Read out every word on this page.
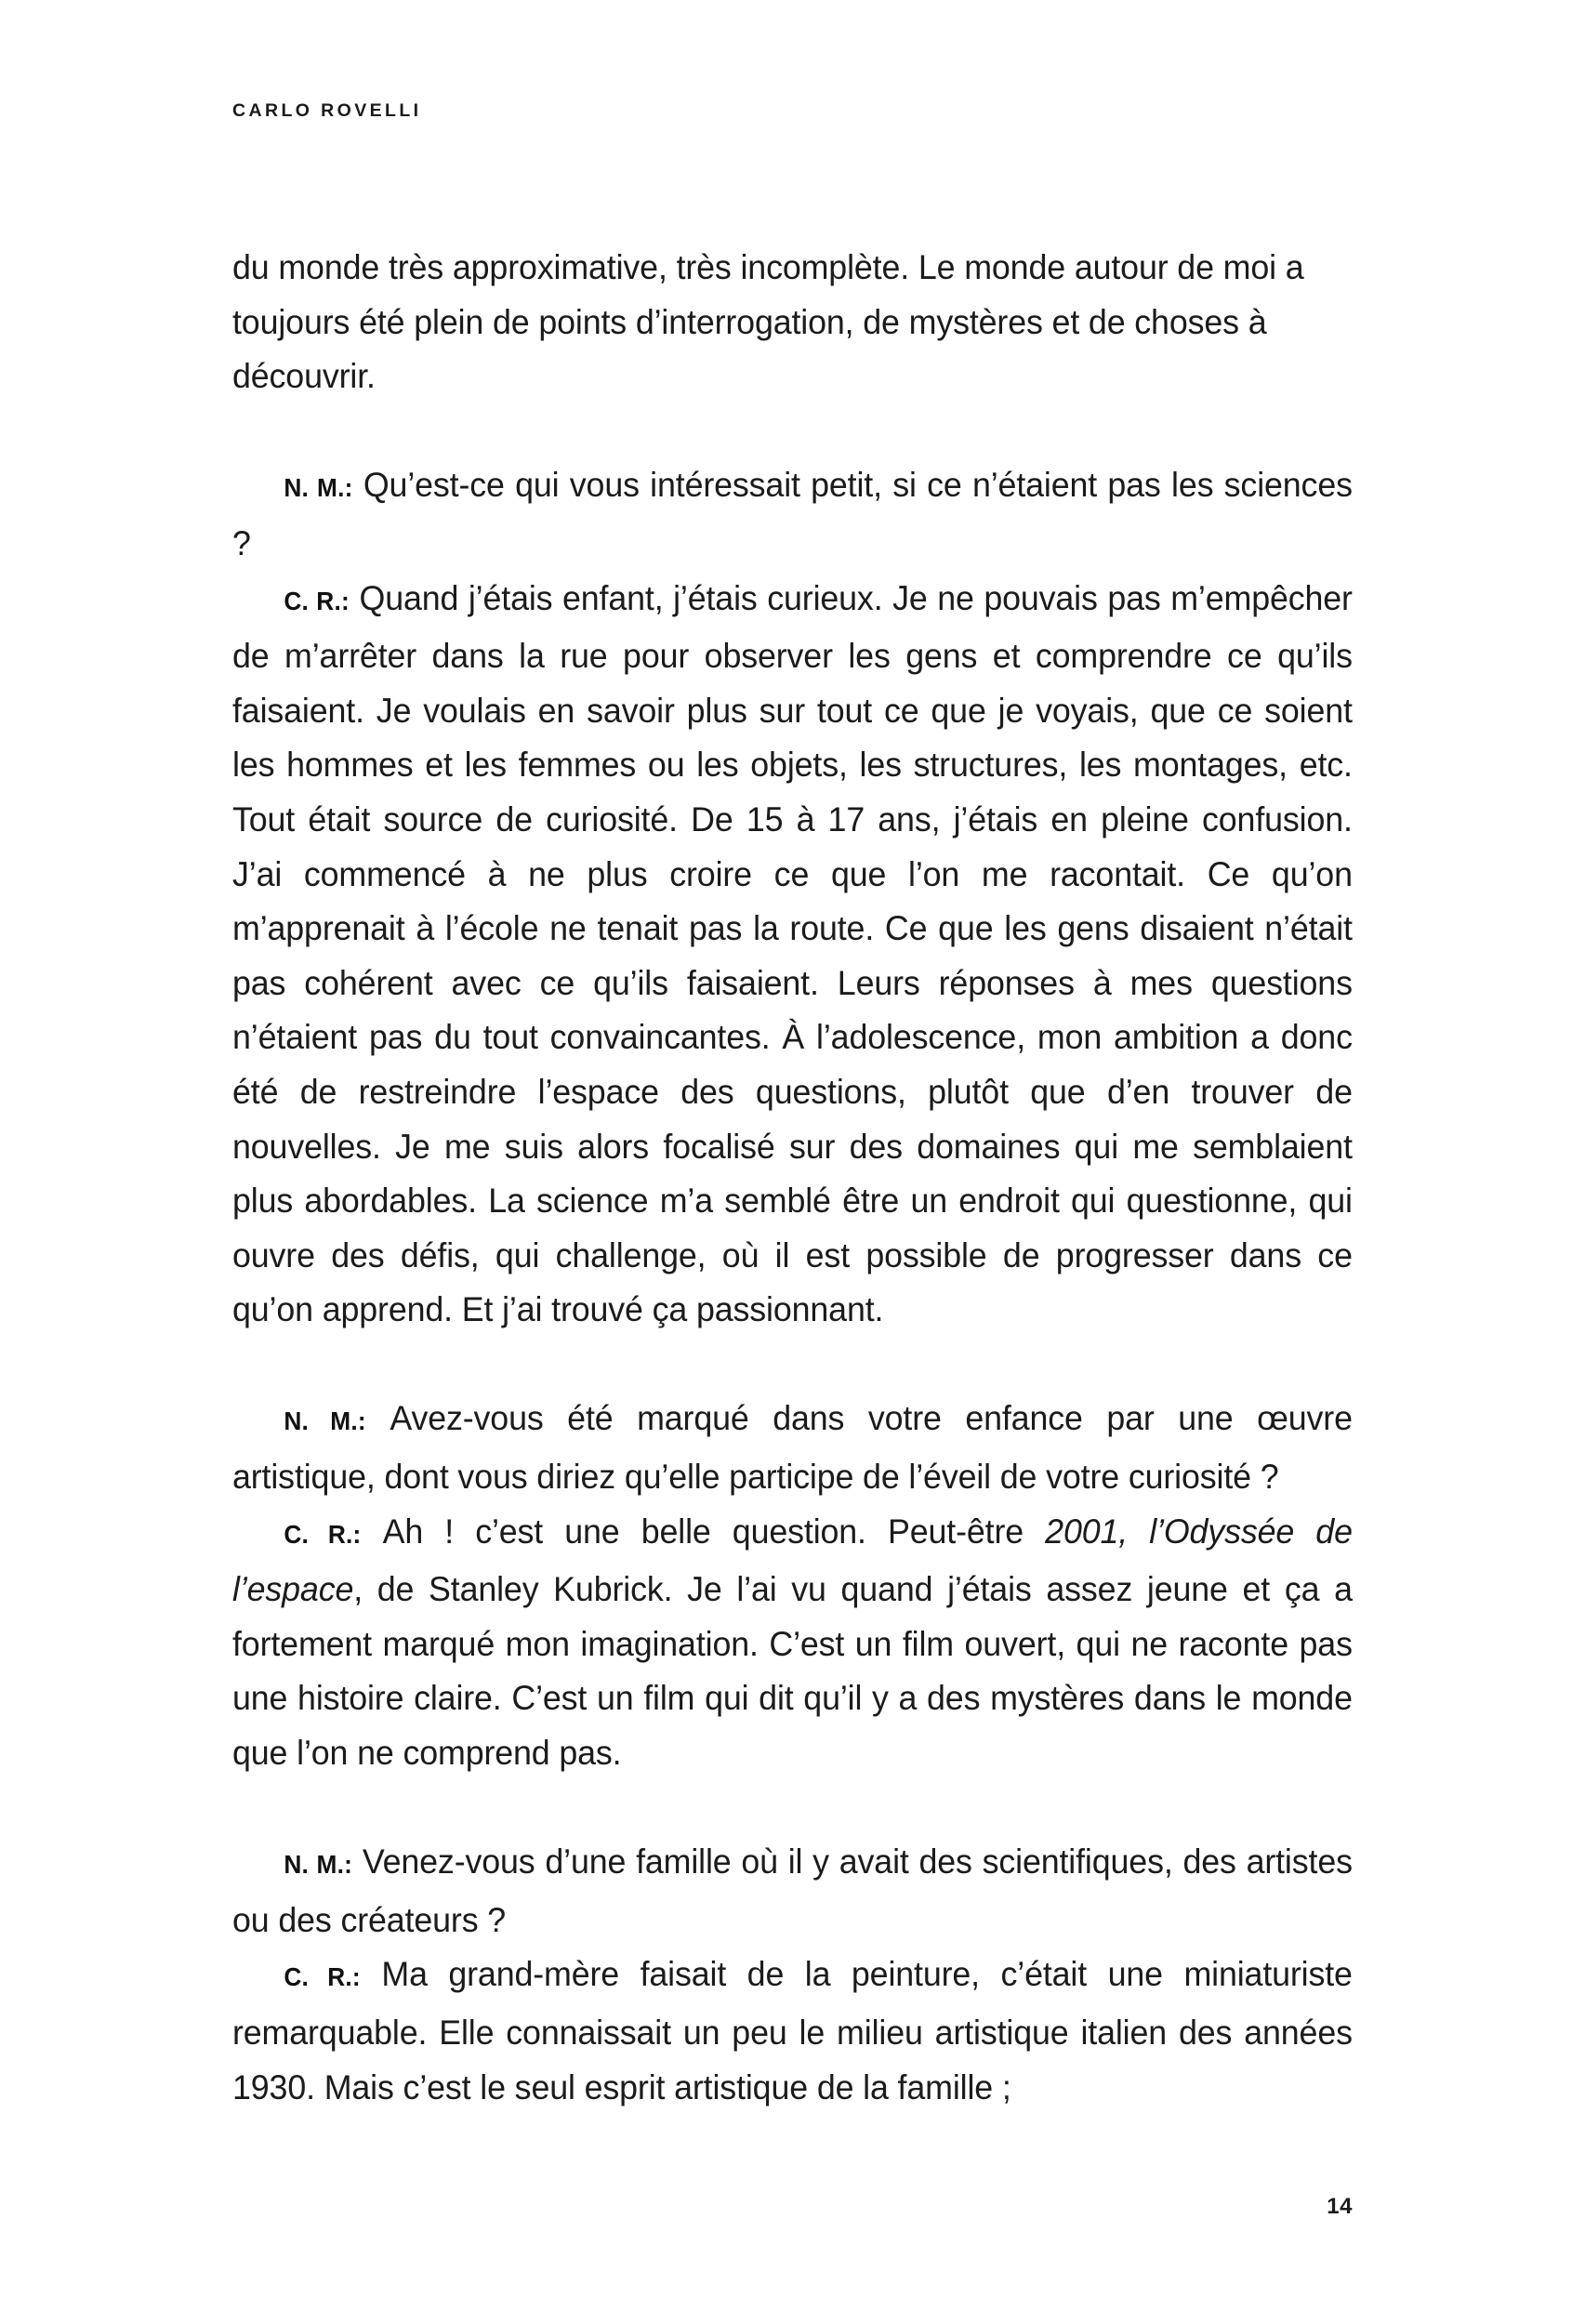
CARLO ROVELLI

du monde très approximative, très incomplète. Le monde autour de moi a toujours été plein de points d’interrogation, de mystères et de choses à découvrir.

N. M.: Qu’est-ce qui vous intéressait petit, si ce n’étaient pas les sciences ?

C. R.: Quand j’étais enfant, j’étais curieux. Je ne pouvais pas m’empêcher de m’arrêter dans la rue pour observer les gens et comprendre ce qu’ils faisaient. Je voulais en savoir plus sur tout ce que je voyais, que ce soient les hommes et les femmes ou les objets, les structures, les montages, etc. Tout était source de curiosité. De 15 à 17 ans, j’étais en pleine confusion. J’ai commencé à ne plus croire ce que l’on me racontait. Ce qu’on m’apprenait à l’école ne tenait pas la route. Ce que les gens disaient n’était pas cohérent avec ce qu’ils faisaient. Leurs réponses à mes questions n’étaient pas du tout convaincantes. À l’adolescence, mon ambition a donc été de restreindre l’espace des questions, plutôt que d’en trouver de nouvelles. Je me suis alors focalisé sur des domaines qui me semblaient plus abordables. La science m’a semblé être un endroit qui questionne, qui ouvre des défis, qui challenge, où il est possible de progresser dans ce qu’on apprend. Et j’ai trouvé ça passionnant.

N. M.: Avez-vous été marqué dans votre enfance par une œuvre artistique, dont vous diriez qu’elle participe de l’éveil de votre curiosité ?

C. R.: Ah ! c’est une belle question. Peut-être 2001, l’Odyssée de l’espace, de Stanley Kubrick. Je l’ai vu quand j’étais assez jeune et ça a fortement marqué mon imagination. C’est un film ouvert, qui ne raconte pas une histoire claire. C’est un film qui dit qu’il y a des mystères dans le monde que l’on ne comprend pas.

N. M.: Venez-vous d’une famille où il y avait des scientifiques, des artistes ou des créateurs ?

C. R.: Ma grand-mère faisait de la peinture, c’était une miniaturiste remarquable. Elle connaissait un peu le milieu artistique italien des années 1930. Mais c’est le seul esprit artistique de la famille ;

14
